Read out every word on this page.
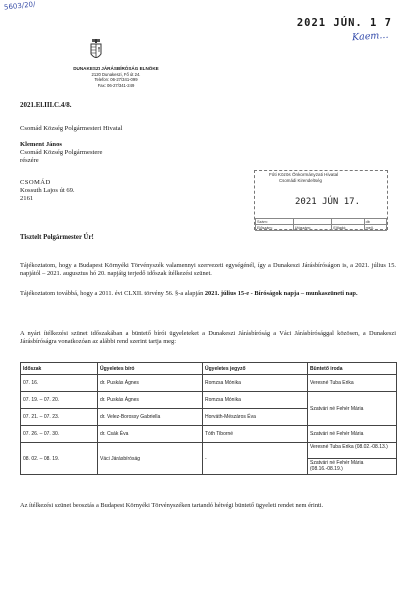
5603/20/
2021 JÚN. 1 7
Kaem...
DUNAKESZI JÁRÁSBÍRÓSÁG ELNÖKE
2120 Dunakeszi, Fő út 24.
Telefon: 06-27/341-099
Fax: 06-27/341-249
2021.El.III.C.4/8.
Csomád Község Polgármesteri Hivatal
Klement János
Csomád Község Polgármestere
részére
CSOMÁD
Kossuth Lajos út 69.
2161
Fóti Közös Önkormányzati Hivatal
Csomádi Kirendeltség
2021 JÚN 17.
Szám:			db
Előszám:	Utószám:	Előadó:	mell.
Tisztelt Polgármester Úr!
Tájékoztatom, hogy a Budapest Környéki Törvényszék valamennyi szervezeti egységénél, így a Dunakeszi Járásbíróságon is, a 2021. július 15. napjától – 2021. augusztus hó 20. napjáig terjedő időszak ítélkezési szünet.
Tájékoztatom továbbá, hogy a 2011. évi CLXII. törvény 56. §-a alapján 2021. július 15-e - Bíróságok napja – munkaszüneti nap.
A nyári ítélkezési szünet időszakában a büntető bírói ügyeleteket a Dunakeszi Járásbíróság a Váci Járásbírósággal közösen, a Dunakeszi Járásbíróságra vonatkozóan az alábbi rend szerint tartja meg:
Időszak	Ügyeletes bíró	Ügyeletes jegyző	Büntető iroda
07. 16.	dr. Puskás Ágnes	Romzsa Mónika	Veresné Tuba Erika
07. 19. – 07. 20.	dr. Puskás Ágnes	Romzsa Mónika	Szatvári né Fehér Mária
07. 21. – 07. 23.	dr. Velez-Borossy Gabriella	Horváth-Mészáros Éva	
07. 26. – 07. 30.	dr. Csák Éva	Tóth Tiborné	Szatvári né Fehér Mária
08. 02. – 08. 19.	Váci Járásbíróság	-	Veresné Tuba Erika (08.02.-08.13.)
Szatvári né Fehér Mária (08.16.-08.19.)
Az ítélkezési szünet beosztás a Budapest Környéki Törvényszéken tartandó hétvégi büntető ügyeleti rendet nem érinti.
